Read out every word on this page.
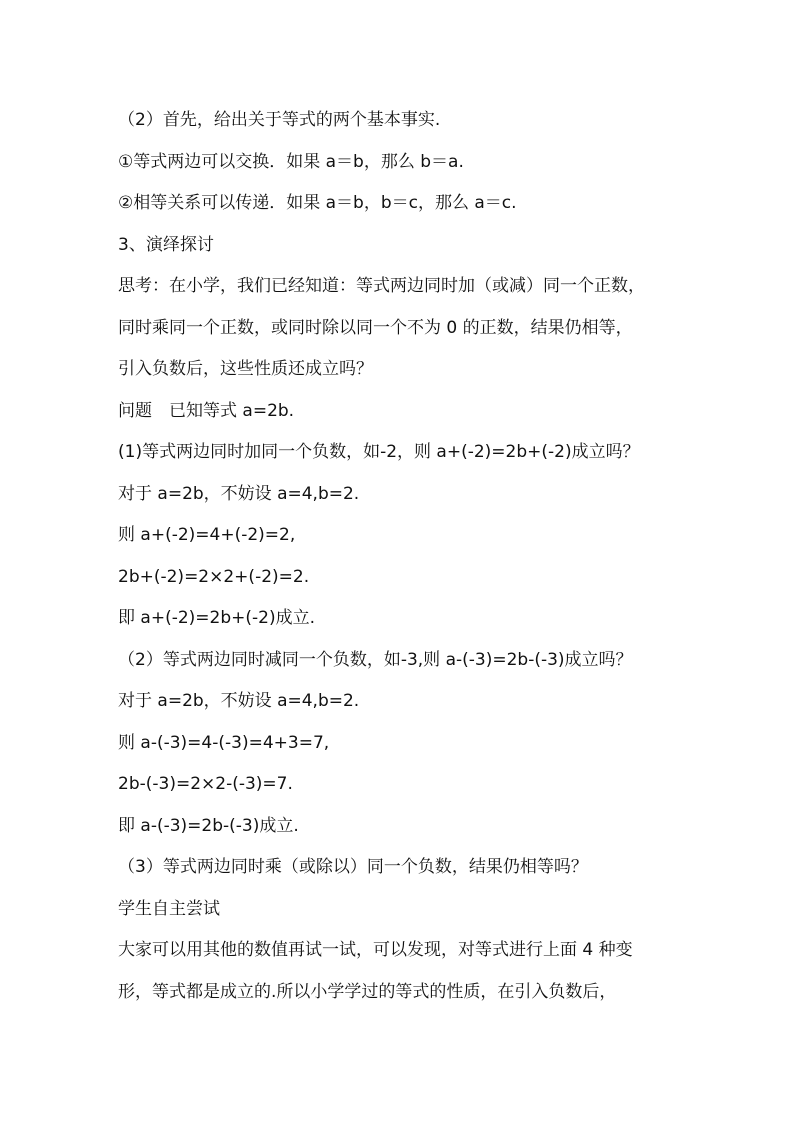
（2）首先，给出关于等式的两个基本事实.
①等式两边可以交换．如果 a＝b，那么 b＝a.
②相等关系可以传递．如果 a＝b，b＝c，那么 a＝c.
3、演绎探讨
思考：在小学，我们已经知道：等式两边同时加（或减）同一个正数，
同时乘同一个正数，或同时除以同一个不为 0 的正数，结果仍相等，
引入负数后，这些性质还成立吗？
问题　已知等式 a=2b.
(1)等式两边同时加同一个负数，如-2，则 a+(-2)=2b+(-2)成立吗？
对于 a=2b，不妨设 a=4,b=2.
则 a+(-2)=4+(-2)=2,
2b+(-2)=2×2+(-2)=2.
即 a+(-2)=2b+(-2)成立.
（2）等式两边同时减同一个负数，如-3,则 a-(-3)=2b-(-3)成立吗？
对于 a=2b，不妨设 a=4,b=2.
则 a-(-3)=4-(-3)=4+3=7,
2b-(-3)=2×2-(-3)=7.
即 a-(-3)=2b-(-3)成立.
（3）等式两边同时乘（或除以）同一个负数，结果仍相等吗？
学生自主尝试
大家可以用其他的数值再试一试，可以发现，对等式进行上面 4 种变
形，等式都是成立的.所以小学学过的等式的性质，在引入负数后，
